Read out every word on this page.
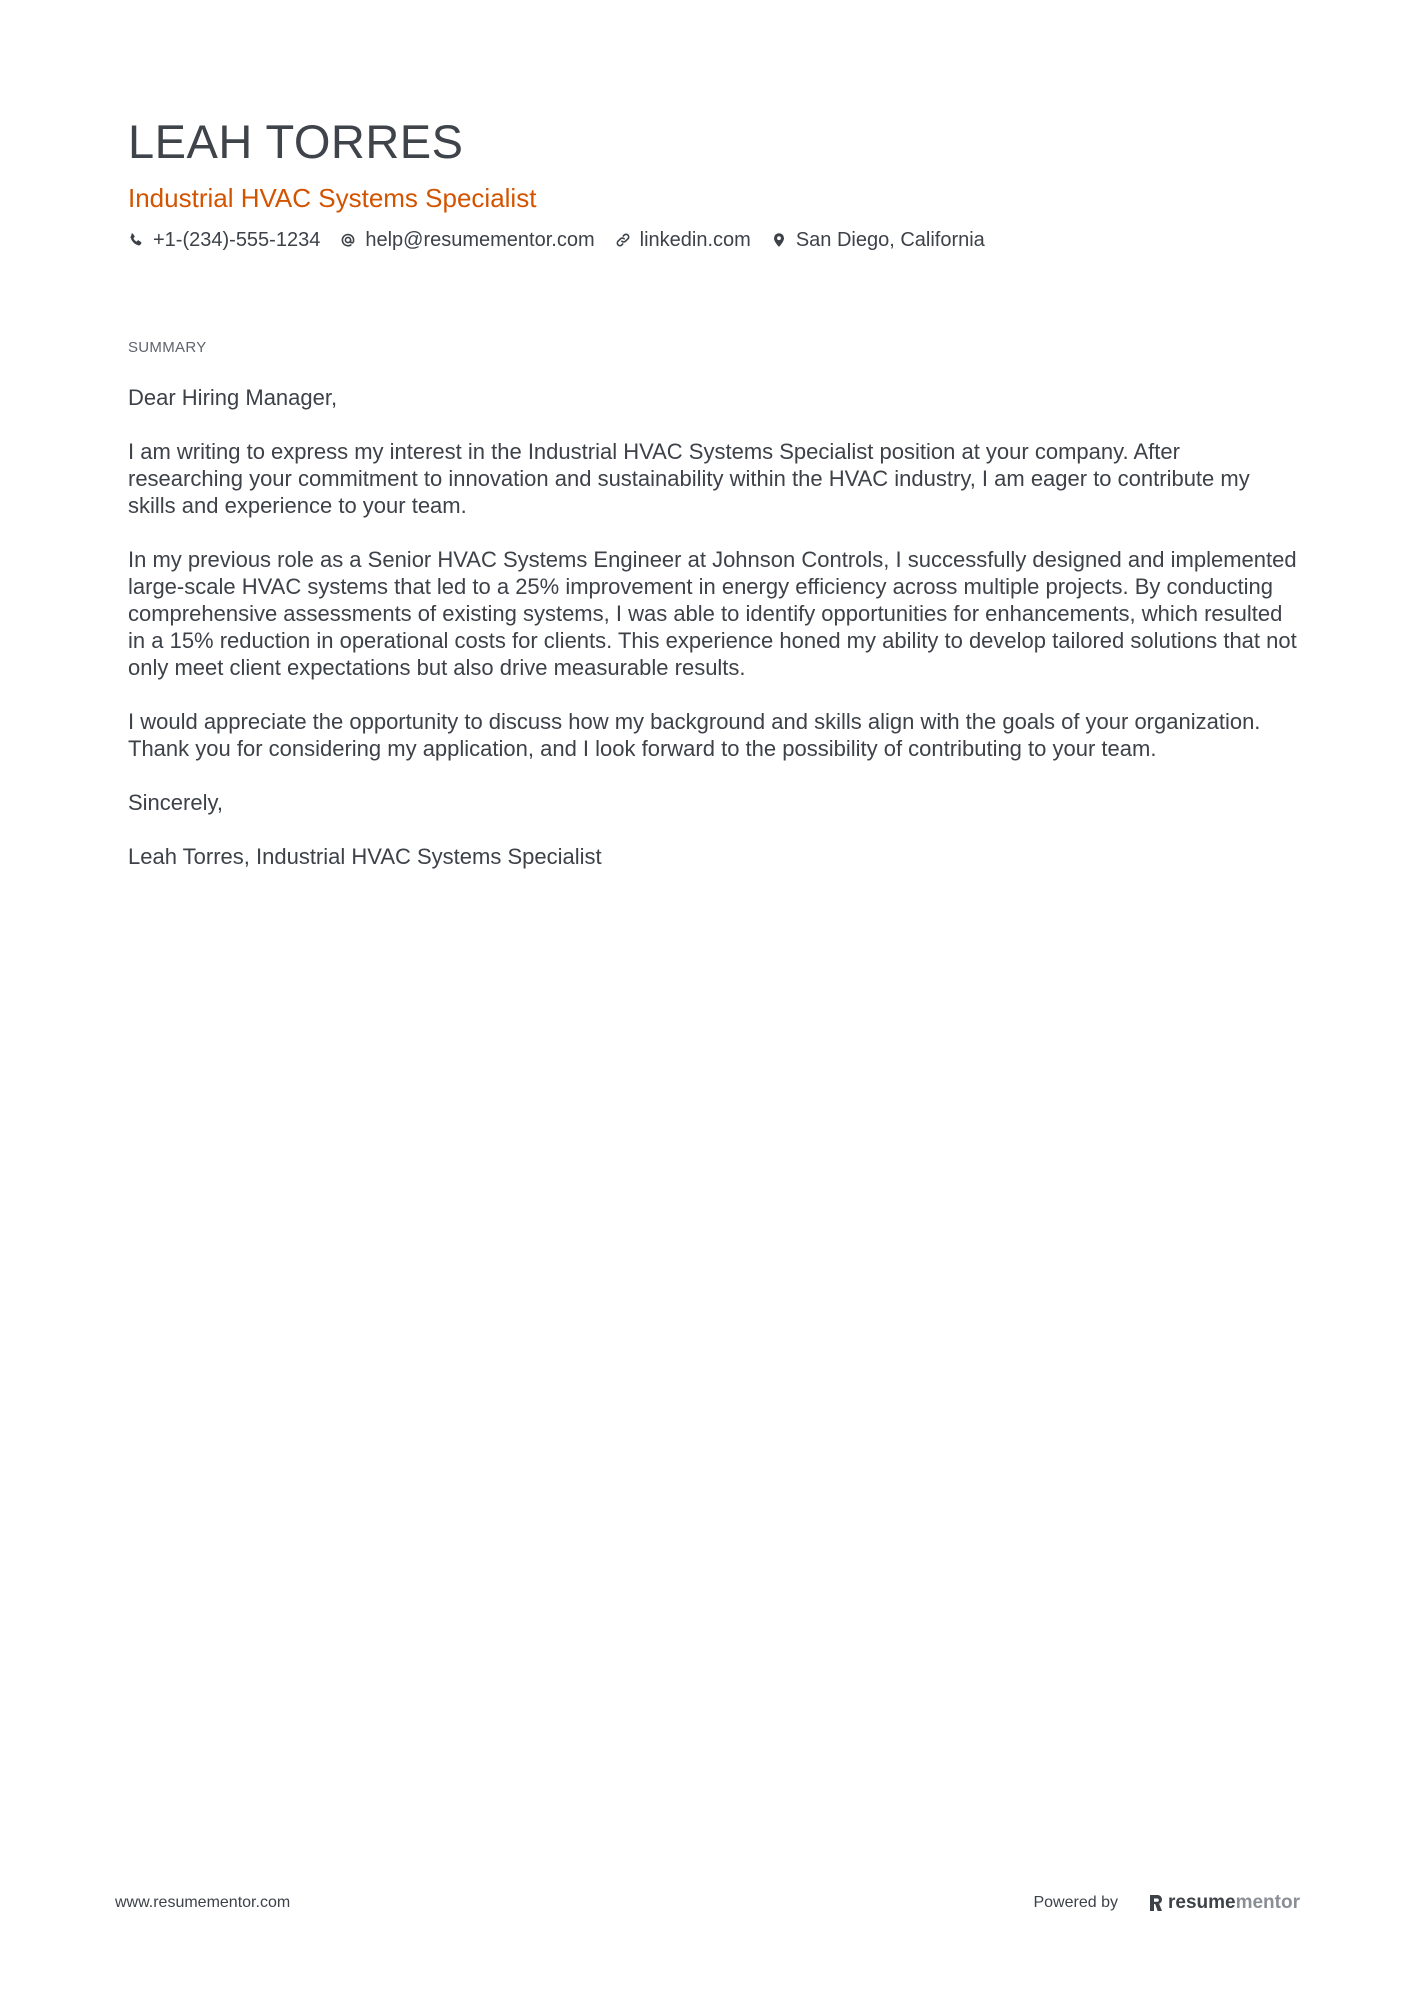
LEAH TORRES
Industrial HVAC Systems Specialist
+1-(234)-555-1234 help@resumementor.com linkedin.com San Diego, California
SUMMARY

Dear Hiring Manager,

I am writing to express my interest in the Industrial HVAC Systems Specialist position at your company. After researching your commitment to innovation and sustainability within the HVAC industry, I am eager to contribute my skills and experience to your team.

In my previous role as a Senior HVAC Systems Engineer at Johnson Controls, I successfully designed and implemented large-scale HVAC systems that led to a 25% improvement in energy efficiency across multiple projects. By conducting comprehensive assessments of existing systems, I was able to identify opportunities for enhancements, which resulted in a 15% reduction in operational costs for clients. This experience honed my ability to develop tailored solutions that not only meet client expectations but also drive measurable results.

I would appreciate the opportunity to discuss how my background and skills align with the goals of your organization. Thank you for considering my application, and I look forward to the possibility of contributing to your team.

Sincerely,

Leah Torres, Industrial HVAC Systems Specialist

www.resumementor.com	Powered by	resume mentor
